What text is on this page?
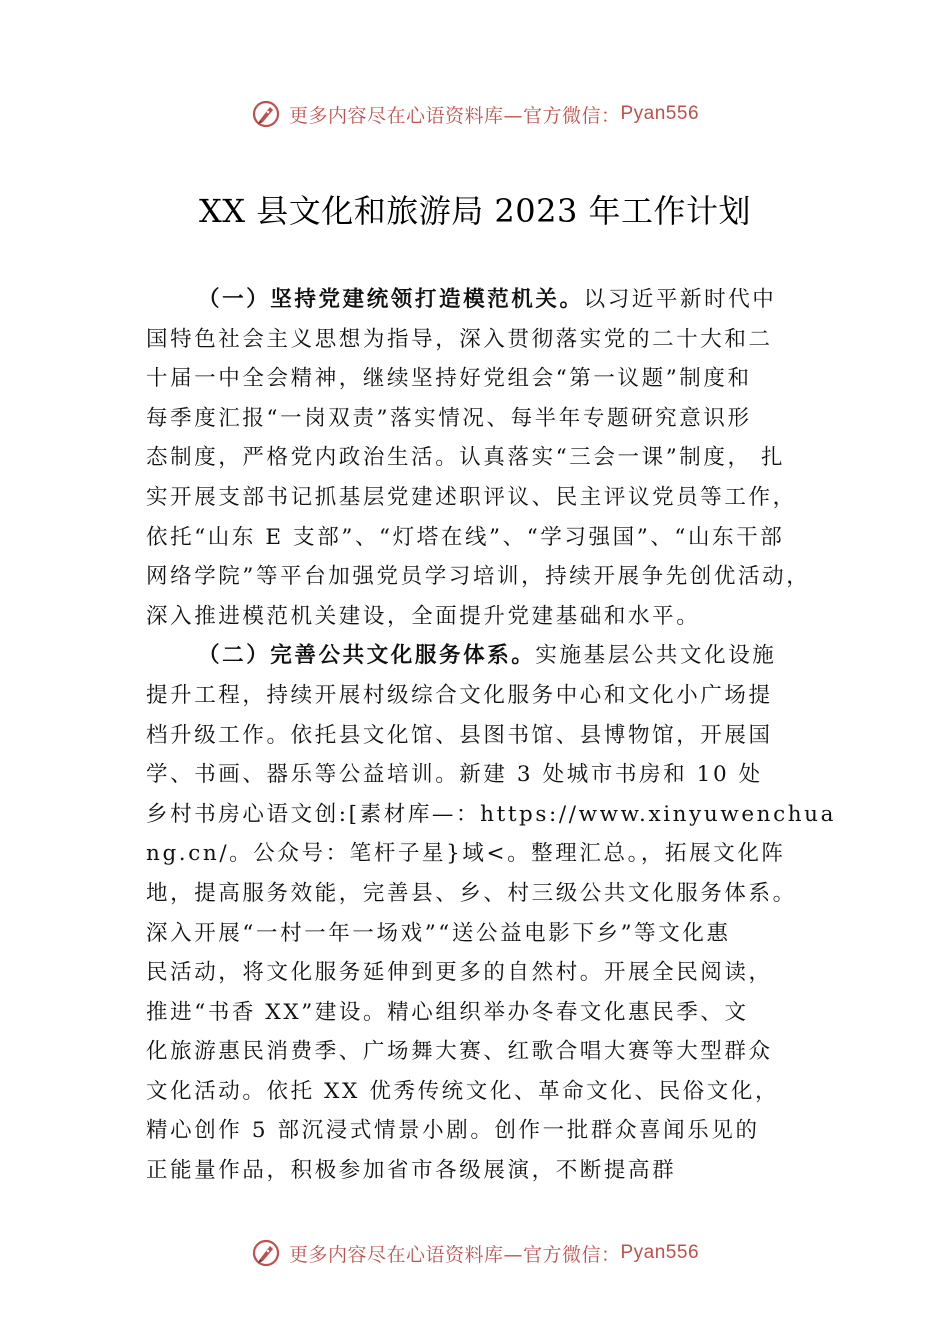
更多内容尽在心语资料库—官方微信： Pyan556
XX 县文化和旅游局 2023 年工作计划
（一）坚持党建统领打造模范机关。以习近平新时代中
国特色社会主义思想为指导，深入贯彻落实党的二十大和二
十届一中全会精神，继续坚持好党组会“第一议题”制度和
每季度汇报“一岗双责”落实情况、每半年专题研究意识形
态制度，严格党内政治生活。认真落实“三会一课”制度， 扎
实开展支部书记抓基层党建述职评议、民主评议党员等工作，
依托“山东 E 支部”、“灯塔在线”、“学习强国”、“山东干部
网络学院”等平台加强党员学习培训，持续开展争先创优活动，
深入推进模范机关建设，全面提升党建基础和水平。
（二）完善公共文化服务体系。实施基层公共文化设施
提升工程，持续开展村级综合文化服务中心和文化小广场提
档升级工作。依托县文化馆、县图书馆、县博物馆，开展国
学、书画、器乐等公益培训。新建 3 处城市书房和 10 处
乡村书房心语文创:[素材库—：https://www.xinyuwenchua
ng.cn/。公众号：笔杆子星}域<。整理汇总。，拓展文化阵
地，提高服务效能，完善县、乡、村三级公共文化服务体系。
深入开展“一村一年一场戏”“送公益电影下乡”等文化惠
民活动，将文化服务延伸到更多的自然村。开展全民阅读，
推进“书香 XX”建设。精心组织举办冬春文化惠民季、文
化旅游惠民消费季、广场舞大赛、红歌合唱大赛等大型群众
文化活动。依托 XX 优秀传统文化、革命文化、民俗文化，
精心创作 5 部沉浸式情景小剧。创作一批群众喜闻乐见的
正能量作品，积极参加省市各级展演，不断提高群
更多内容尽在心语资料库—官方微信： Pyan556
